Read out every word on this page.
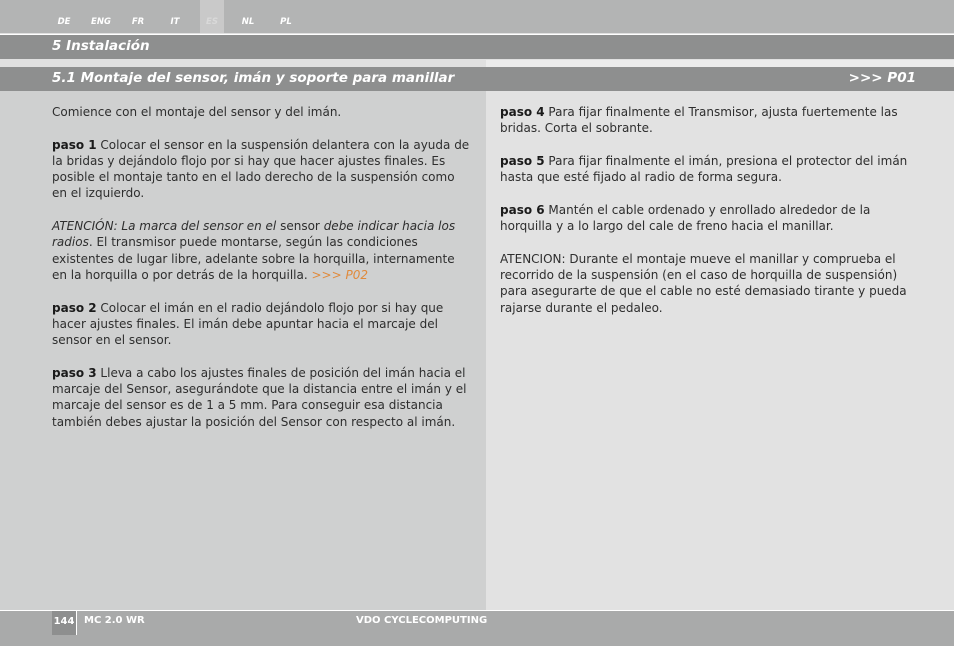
DE	ENG	FR	IT	ES	NL	PL
5 Instalación
5.1 Montaje del sensor, imán y soporte para manillar	>>> P01

Comience con el montaje del sensor y del imán.

paso 1 Colocar el sensor en la suspensión delantera con la ayuda de la bridas y dejándolo flojo por si hay que hacer ajustes finales. Es posible el montaje tanto en el lado derecho de la suspensión como en el izquierdo.

ATENCIÓN: La marca del sensor en el sensor debe indicar hacia los radios. El transmisor puede montarse, según las condiciones existentes de lugar libre, adelante sobre la horquilla, internamente en la horquilla o por detrás de la horquilla. >>> P02

paso 2 Colocar el imán en el radio dejándolo flojo por si hay que hacer ajustes finales. El imán debe apuntar hacia el marcaje del sensor en el sensor.

paso 3 Lleva a cabo los ajustes finales de posición del imán hacia el marcaje del Sensor, asegurándote que la distancia entre el imán y el marcaje del sensor es de 1 a 5 mm. Para conseguir esa distancia también debes ajustar la posición del Sensor con respecto al imán.

paso 4 Para fijar finalmente el Transmisor, ajusta fuertemente las bridas. Corta el sobrante.

paso 5 Para fijar finalmente el imán, presiona el protector del imán hasta que esté fijado al radio de forma segura.

paso 6 Mantén el cable ordenado y enrollado alrededor de la horquilla y a lo largo del cale de freno hacia el manillar.

ATENCION: Durante el montaje mueve el manillar y comprueba el recorrido de la suspensión (en el caso de horquilla de suspensión) para asegurarte de que el cable no esté demasiado tirante y pueda rajarse durante el pedaleo.

144 MC 2.0 WR	VDO CYCLECOMPUTING
